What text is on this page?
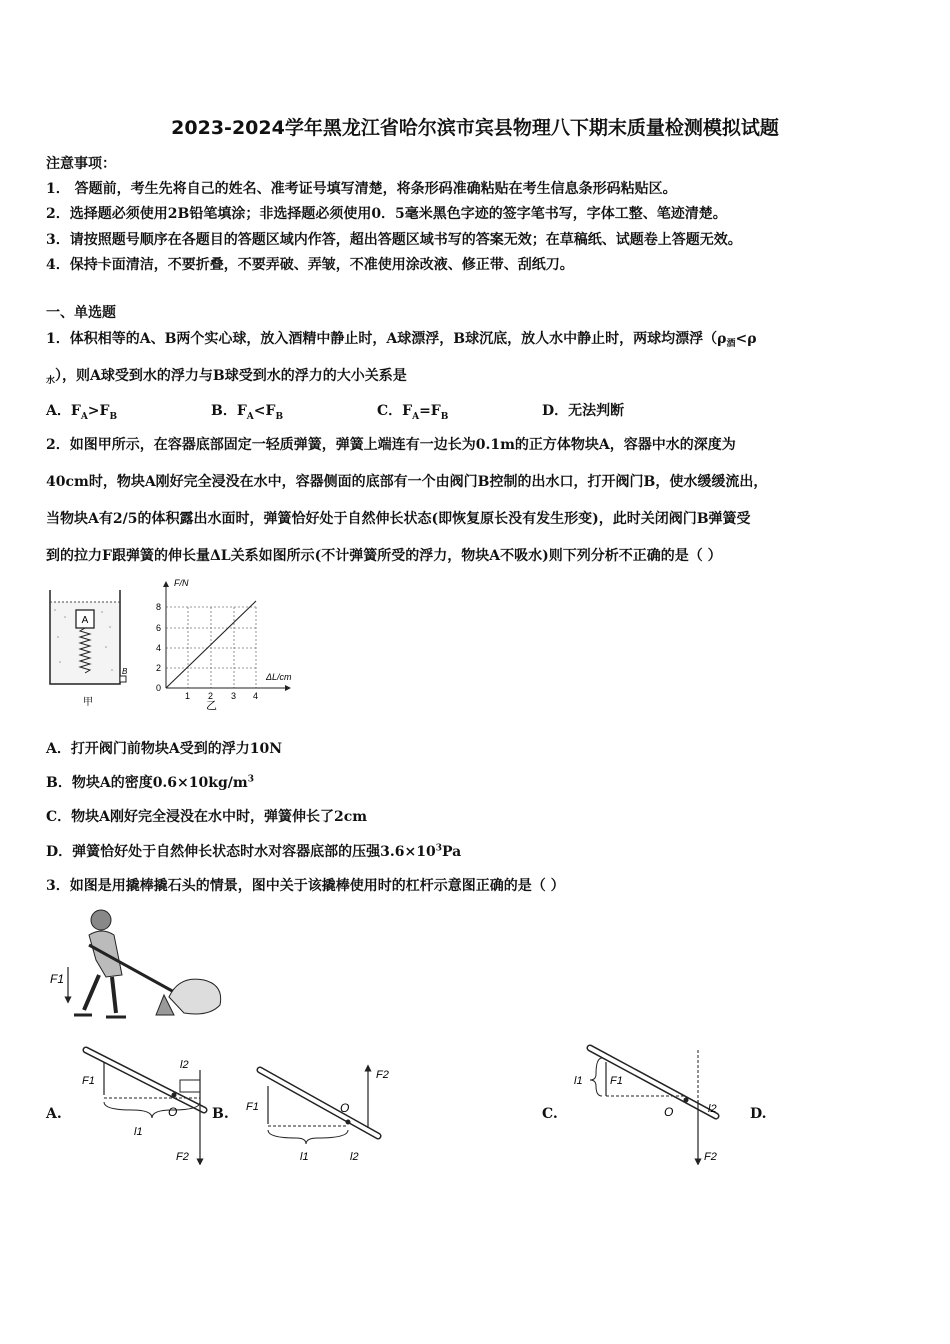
2023-2024学年黑龙江省哈尔滨市宾县物理八下期末质量检测模拟试题
注意事项：
1． 答题前，考生先将自己的姓名、准考证号填写清楚，将条形码准确粘贴在考生信息条形码粘贴区。
2．选择题必须使用2B铅笔填涂；非选择题必须使用0．5毫米黑色字迹的签字笔书写，字体工整、笔迹清楚。
3．请按照题号顺序在各题目的答题区域内作答，超出答题区域书写的答案无效；在草稿纸、试题卷上答题无效。
4．保持卡面清洁，不要折叠，不要弄破、弄皱，不准使用涂改液、修正带、刮纸刀。
一、单选题
1．体积相等的A、B两个实心球，放入酒精中静止时，A球漂浮，B球沉底，放人水中静止时，两球均漂浮（$\rho_酒<\rho$
$_水$），则A球受到水的浮力与B球受到水的浮力的大小关系是
A．$F_A>F_B$	B．$F_A<F_B$	C．$F_A=F_B$	D．无法判断
2．如图甲所示，在容器底部固定一轻质弹簧，弹簧上端连有一边长为0.1m的正方体物块A，容器中水的深度为
40cm时，物块A刚好完全浸没在水中，容器侧面的底部有一个由阀门B控制的出水口，打开阀门B，使水缓缓流出，
当物块A有2/5的体积露出水面时，弹簧恰好处于自然伸长状态(即恢复原长没有发生形变)，此时关闭阀门B弹簧受
到的拉力F跟弹簧的伸长量ΔL关系如图所示(不计弹簧所受的浮力，物块A不吸水)则下列分析不正确的是（ ）
A
B
甲
F/N
ΔL/cm
8
6
4
2
0
1 2 3 4
乙
A．打开阀门前物块A受到的浮力10N
B．物块A的密度$0.6\times 10kg/m^3$
C．物块A刚好完全浸没在水中时，弹簧伸长了2cm
D．弹簧恰好处于自然伸长状态时水对容器底部的压强$3.6\times 10^3Pa$
3．如图是用撬棒撬石头的情景，图中关于该撬棒使用时的杠杆示意图正确的是（ ）
F1
A.	O
F1
l1
l2
F2
B.	O
F1
l1
F2
l2
C.	O
F1
l1
F2
l2 D.
